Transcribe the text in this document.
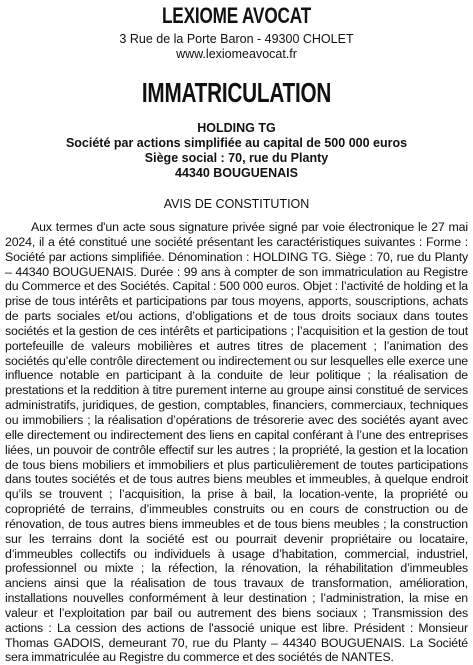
LEXIOME AVOCAT
3 Rue de la Porte Baron - 49300 CHOLET
www.lexiomeavocat.fr
IMMATRICULATION
HOLDING TG
Société par actions simplifiée au capital de 500 000 euros
Siège social : 70, rue du Planty
44340 BOUGUENAIS
AVIS DE CONSTITUTION
Aux termes d'un acte sous signature privée signé par voie électronique le 27 mai 2024, il a été constitué une société présentant les caractéristiques suivantes : Forme : Société par actions simplifiée. Dénomination : HOLDING TG. Siège : 70, rue du Planty – 44340 BOUGUENAIS. Durée : 99 ans à compter de son immatriculation au Registre du Commerce et des Sociétés. Capital : 500 000 euros. Objet : l’activité de holding et la prise de tous intérêts et participations par tous moyens, apports, souscriptions, achats de parts sociales et/ou actions, d’obligations et de tous droits sociaux dans toutes sociétés et la gestion de ces intérêts et participations ; l’acquisition et la gestion de tout portefeuille de valeurs mobilières et autres titres de placement ; l’animation des sociétés qu’elle contrôle directement ou indirectement ou sur lesquelles elle exerce une influence notable en participant à la conduite de leur politique ; la réalisation de prestations et la reddition à titre purement interne au groupe ainsi constitué de services administratifs, juridiques, de gestion, comptables, financiers, commerciaux, techniques ou immobiliers ; la réalisation d’opérations de trésorerie avec des sociétés ayant avec elle directement ou indirectement des liens en capital conférant à l’une des entreprises liées, un pouvoir de contrôle effectif sur les autres ; la propriété, la gestion et la location de tous biens mobiliers et immobiliers et plus particulièrement de toutes participations dans toutes sociétés et de tous autres biens meubles et immeubles, à quelque endroit qu’ils se trouvent ; l’acquisition, la prise à bail, la location-vente, la propriété ou copropriété de terrains, d’immeubles construits ou en cours de construction ou de rénovation, de tous autres biens immeubles et de tous biens meubles ; la construction sur les terrains dont la société est ou pourrait devenir propriétaire ou locataire, d’immeubles collectifs ou individuels à usage d’habitation, commercial, industriel, professionnel ou mixte ; la réfection, la rénovation, la réhabilitation d’immeubles anciens ainsi que la réalisation de tous travaux de transformation, amélioration, installations nouvelles conformément à leur destination ; l’administration, la mise en valeur et l’exploitation par bail ou autrement des biens sociaux ; Transmission des actions : La cession des actions de l'associé unique est libre. Président : Monsieur Thomas GADOIS, demeurant 70, rue du Planty – 44340 BOUGUENAIS. La Société sera immatriculée au Registre du commerce et des sociétés de NANTES.
